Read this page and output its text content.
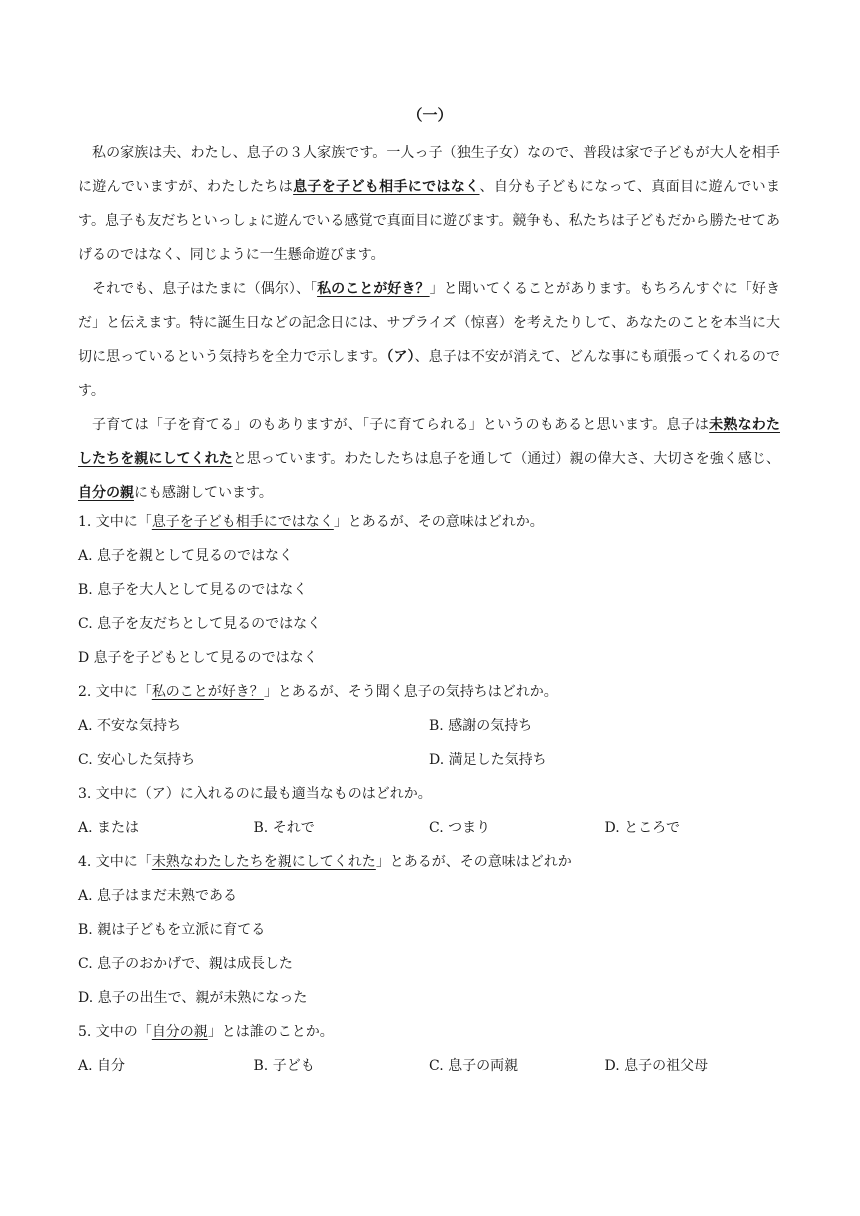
（一）

私の家族は夫、わたし、息子の３人家族です。一人っ子（独生子女）なので、普段は家で子どもが大人を相手に遊んでいますが、わたしたちは息子を子ども相手にではなく、自分も子どもになって、真面目に遊んでいます。息子も友だちといっしょに遊んでいる感覚で真面目に遊びます。競争も、私たちは子どもだから勝たせてあげるのではなく、同じように一生懸命遊びます。

それでも、息子はたまに（偶尔）、「私のことが好き？」と聞いてくることがあります。もちろんすぐに「好きだ」と伝えます。特に誕生日などの記念日には、サプライズ（惊喜）を考えたりして、あなたのことを本当に大切に思っているという気持ちを全力で示します。（ア）、息子は不安が消えて、どんな事にも頑張ってくれるのです。

子育ては「子を育てる」のもありますが、「子に育てられる」というのもあると思います。息子は未熟なわたしたちを親にしてくれたと思っています。わたしたちは息子を通して（通过）親の偉大さ、大切さを強く感じ、自分の親にも感謝しています。

1. 文中に「息子を子ども相手にではなく」とあるが、その意味はどれか。
A. 息子を親として見るのではなく
B. 息子を大人として見るのではなく
C. 息子を友だちとして見るのではなく
D 息子を子どもとして見るのではなく
2. 文中に「私のことが好き？」とあるが、そう聞く息子の気持ちはどれか。
A. 不安な気持ち	B. 感謝の気持ち
C. 安心した気持ち	D. 満足した気持ち
3. 文中に（ア）に入れるのに最も適当なものはどれか。
A. または	B. それで	C. つまり	D. ところで
4. 文中に「未熟なわたしたちを親にしてくれた」とあるが、その意味はどれか
A. 息子はまだ未熟である
B. 親は子どもを立派に育てる
C. 息子のおかげで、親は成長した
D. 息子の出生で、親が未熟になった
5. 文中の「自分の親」とは誰のことか。
A. 自分	B. 子ども	C. 息子の両親	D. 息子の祖父母
